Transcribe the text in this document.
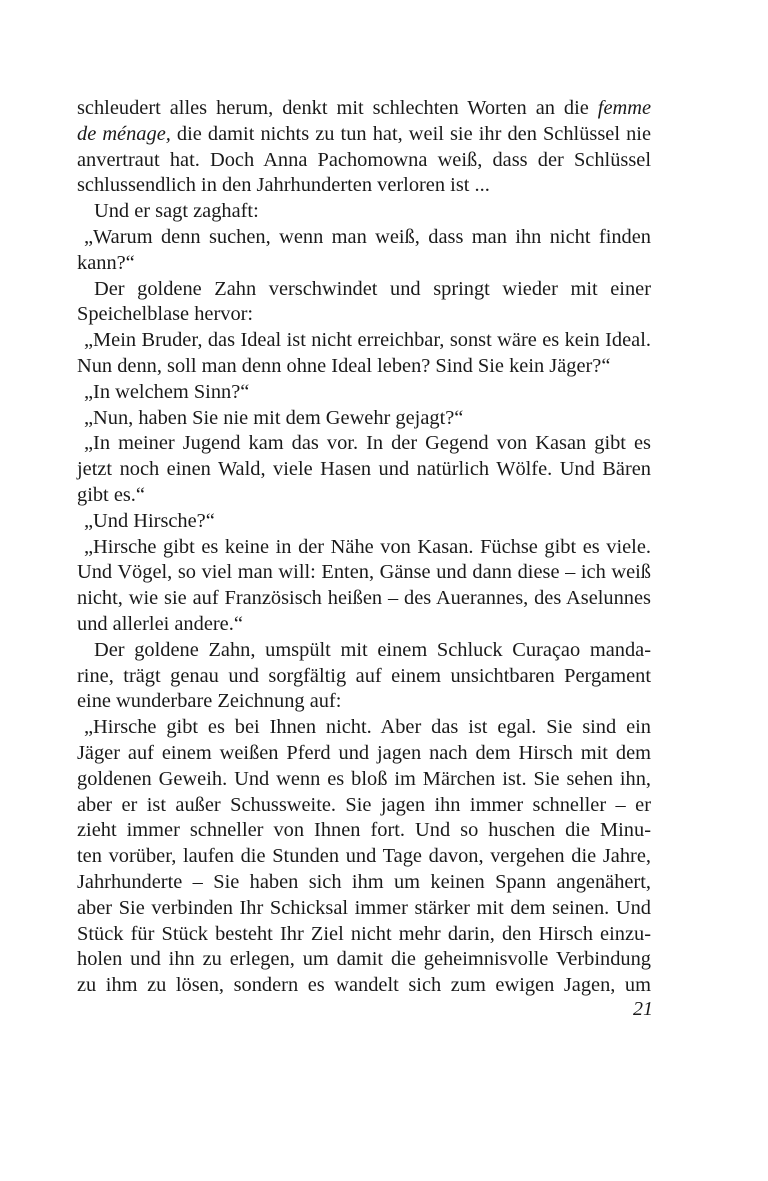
schleudert alles herum, denkt mit schlechten Worten an die femme
de ménage, die damit nichts zu tun hat, weil sie ihr den Schlüssel nie
anvertraut hat. Doch Anna Pachomowna weiß, dass der Schlüssel
schlussendlich in den Jahrhunderten verloren ist ...
Und er sagt zaghaft:
„Warum denn suchen, wenn man weiß, dass man ihn nicht finden
kann?“
Der goldene Zahn verschwindet und springt wieder mit einer
Speichelblase hervor:
„Mein Bruder, das Ideal ist nicht erreichbar, sonst wäre es kein Ideal.
Nun denn, soll man denn ohne Ideal leben? Sind Sie kein Jäger?“
„In welchem Sinn?“
„Nun, haben Sie nie mit dem Gewehr gejagt?“
„In meiner Jugend kam das vor. In der Gegend von Kasan gibt es
jetzt noch einen Wald, viele Hasen und natürlich Wölfe. Und Bären
gibt es.“
„Und Hirsche?“
„Hirsche gibt es keine in der Nähe von Kasan. Füchse gibt es viele.
Und Vögel, so viel man will: Enten, Gänse und dann diese – ich weiß
nicht, wie sie auf Französisch heißen – des Auerannes, des Aselunnes
und allerlei andere.“
Der goldene Zahn, umspült mit einem Schluck Curaçao manda-
rine, trägt genau und sorgfältig auf einem unsichtbaren Pergament
eine wunderbare Zeichnung auf:
„Hirsche gibt es bei Ihnen nicht. Aber das ist egal. Sie sind ein
Jäger auf einem weißen Pferd und jagen nach dem Hirsch mit dem
goldenen Geweih. Und wenn es bloß im Märchen ist. Sie sehen ihn,
aber er ist außer Schussweite. Sie jagen ihn immer schneller – er
zieht immer schneller von Ihnen fort. Und so huschen die Minu-
ten vorüber, laufen die Stunden und Tage davon, vergehen die Jahre,
Jahrhunderte – Sie haben sich ihm um keinen Spann angenähert,
aber Sie verbinden Ihr Schicksal immer stärker mit dem seinen. Und
Stück für Stück besteht Ihr Ziel nicht mehr darin, den Hirsch einzu-
holen und ihn zu erlegen, um damit die geheimnisvolle Verbindung
zu ihm zu lösen, sondern es wandelt sich zum ewigen Jagen, um
21
